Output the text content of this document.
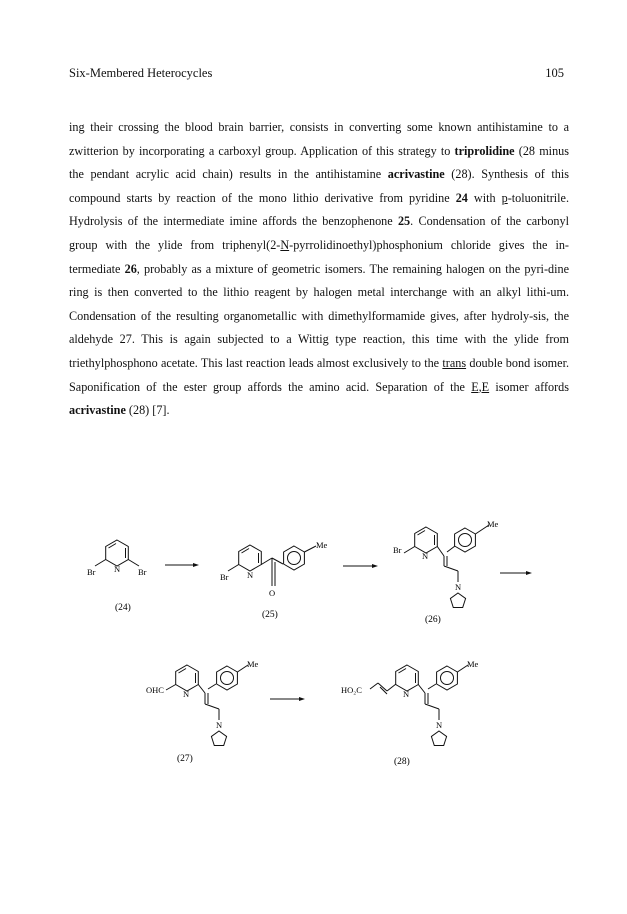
Six-Membered Heterocycles	105
ing their crossing the blood brain barrier, consists in converting some known antihistamine to a zwitterion by incorporating a carboxyl group. Application of this strategy to triprolidine (28 minus the pendant acrylic acid chain) results in the antihistamine acrivastine (28). Synthesis of this compound starts by reaction of the mono lithio derivative from pyridine 24 with p-toluonitrile. Hydrolysis of the intermediate imine affords the benzophenone 25. Condensation of the carbonyl group with the ylide from triphenyl(2-N-pyrrolidinoethyl)phosphonium chloride gives the in-termediate 26, probably as a mixture of geometric isomers. The remaining halogen on the pyri-dine ring is then converted to the lithio reagent by halogen metal interchange with an alkyl lithi-um. Condensation of the resulting organometallic with dimethylformamide gives, after hydroly-sis, the aldehyde 27. This is again subjected to a Wittig type reaction, this time with the ylide from triethylphosphono acetate. This last reaction leads almost exclusively to the trans double bond isomer. Saponification of the ester group affords the amino acid. Separation of the E,E isomer affords acrivastine (28) [7].
Br	Br
N
Br N
O
Me	Br
N
N
Me
OHC N
N
Me
HO₂C	N
N
Me
(24)
(25)	(26)
(27)	(28)
